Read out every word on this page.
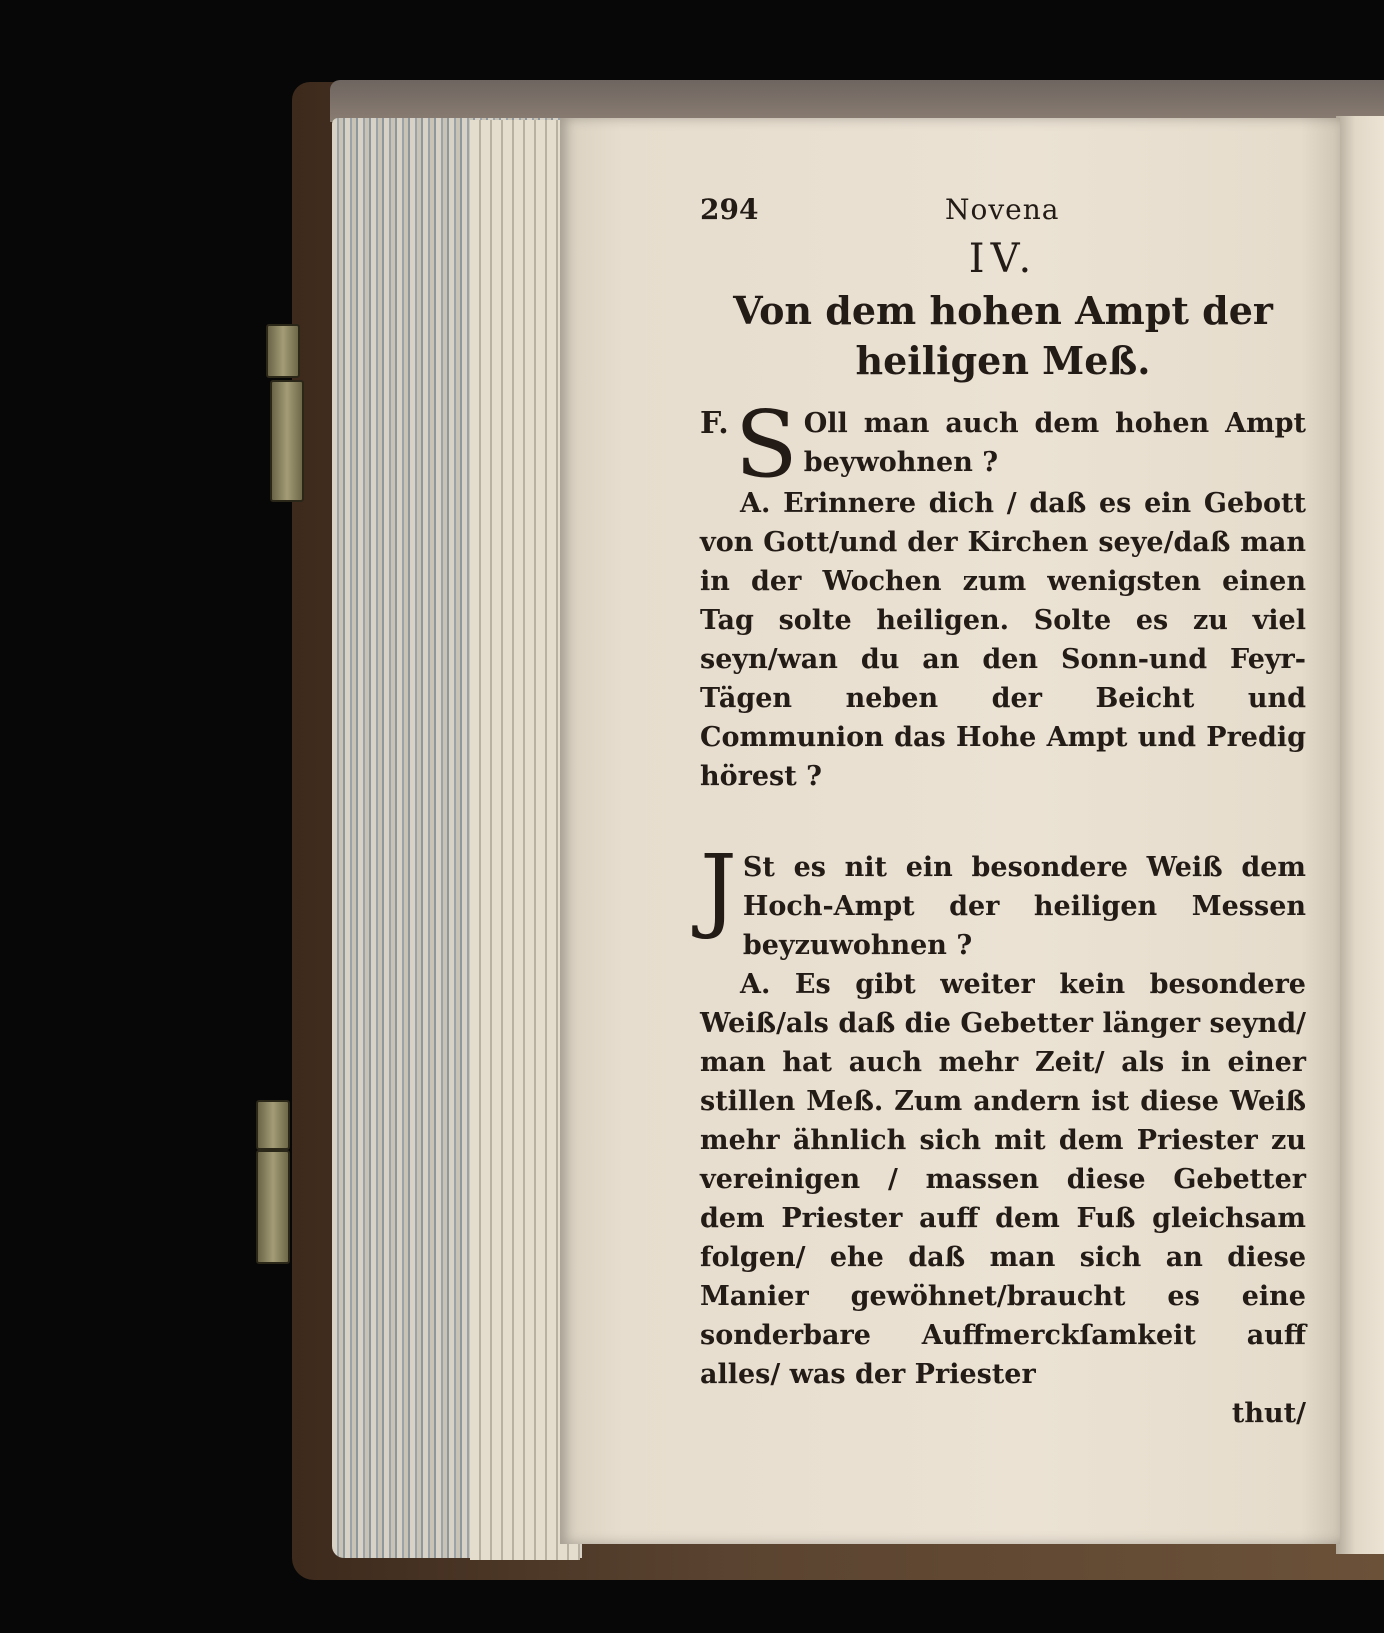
294	Novena
IV.
Von dem hohen Ampt der heiligen Meß.
F. S Oll man auch dem hohen Ampt beywohnen ?
A. Erinnere dich / daß es ein Gebott von Gott/und der Kirchen seye/daß man in der Wochen zum wenigsten einen Tag solte heiligen. Solte es zu viel seyn/wan du an den Sonn-und Feyr-Tägen neben der Beicht und Communion das Hohe Ampt und Predig hörest ?
J St es nit ein besondere Weiß dem Hoch-Ampt der heiligen Messen beyzuwohnen ?
A. Es gibt weiter kein besondere Weiß/als daß die Gebetter länger seynd/ man hat auch mehr Zeit/ als in einer stillen Meß. Zum andern ist diese Weiß mehr ähnlich sich mit dem Priester zu vereinigen / massen diese Gebetter dem Priester auff dem Fuß gleichsam folgen/ ehe daß man sich an diese Manier gewöhnet/braucht es eine sonderbare Auffmerckſamkeit auff alles/ was der Priester
thut/
